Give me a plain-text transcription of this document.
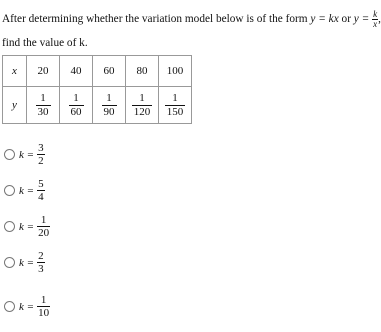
After determining whether the variation model below is of the form y = kx or $y = \frac{k}{x}$ ,
find the value of k.
x	20	40	60	80	100
y	$\frac{1}{30}$	$\frac{1}{60}$	$\frac{1}{90}$	$\frac{1}{120}$	$\frac{1}{150}$
$k = \frac{3}{2}$
$k = \frac{5}{4}$
$k = \frac{1}{20}$
$k = \frac{2}{3}$
$k = \frac{1}{10}$
